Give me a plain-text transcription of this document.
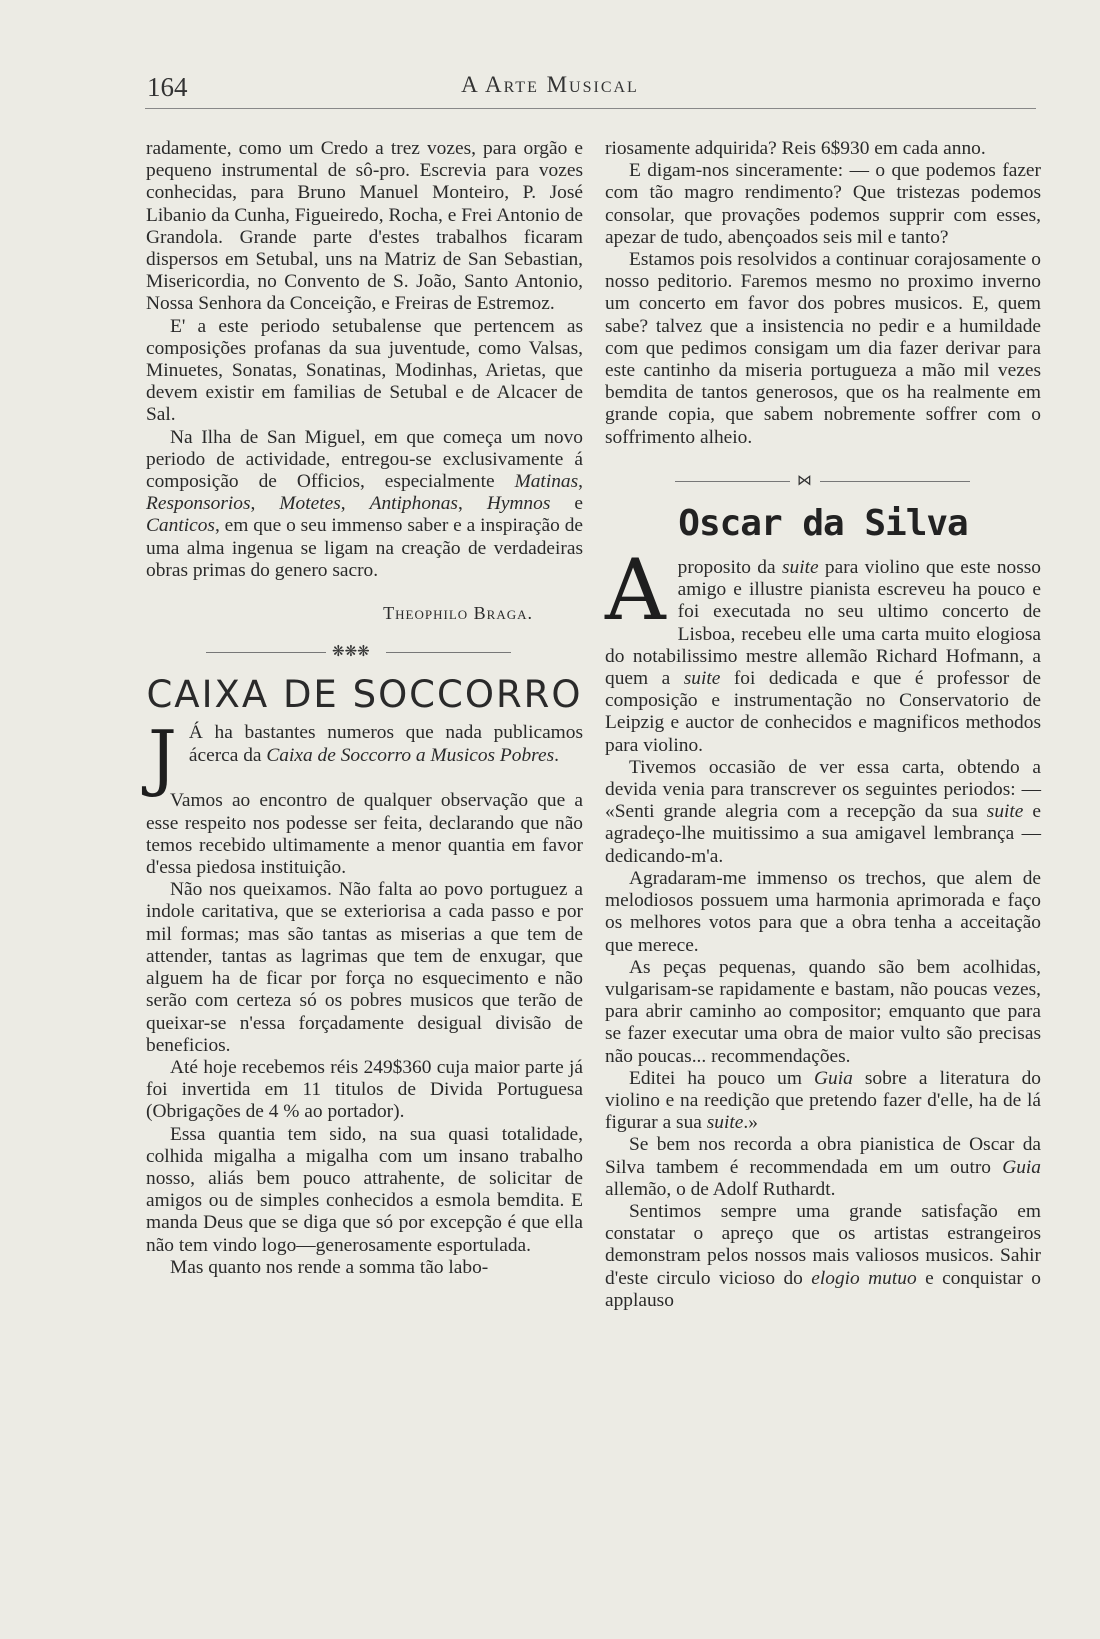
164	A Arte Musical

radamente, como um Credo a trez vozes, para orgão e pequeno instrumental de sô-pro. Escrevia para vozes conhecidas, para Bruno Manuel Monteiro, P. José Libanio da Cunha, Figueiredo, Rocha, e Frei Antonio de Grandola. Grande parte d'estes trabalhos ficaram dispersos em Setubal, uns na Matriz de San Sebastian, Misericordia, no Convento de S. João, Santo Antonio, Nossa Senhora da Conceição, e Freiras de Estremoz.

E' a este periodo setubalense que pertencem as composições profanas da sua juventude, como Valsas, Minuetes, Sonatas, Sonatinas, Modinhas, Arietas, que devem existir em familias de Setubal e de Alcacer de Sal.

Na Ilha de San Miguel, em que começa um novo periodo de actividade, entregou-se exclusivamente á composição de Officios, especialmente Matinas, Responsorios, Motetes, Antiphonas, Hymnos e Canticos, em que o seu immenso saber e a inspiração de uma alma ingenua se ligam na creação de verdadeiras obras primas do genero sacro.

Theophilo Braga.
❋❋❋
CAIXA DE SOCCORRO

J Á ha bastantes numeros que nada publicamos ácerca da Caixa de Soccorro a Musicos Pobres.

Vamos ao encontro de qualquer observação que a esse respeito nos podesse ser feita, declarando que não temos recebido ultimamente a menor quantia em favor d'essa piedosa instituição.

Não nos queixamos. Não falta ao povo portuguez a indole caritativa, que se exteriorisa a cada passo e por mil formas; mas são tantas as miserias a que tem de attender, tantas as lagrimas que tem de enxugar, que alguem ha de ficar por força no esquecimento e não serão com certeza só os pobres musicos que terão de queixar-se n'essa forçadamente desigual divisão de beneficios.

Até hoje recebemos réis 249$360 cuja maior parte já foi invertida em 11 titulos de Divida Portuguesa (Obrigações de 4 % ao portador).

Essa quantia tem sido, na sua quasi totalidade, colhida migalha a migalha com um insano trabalho nosso, aliás bem pouco attrahente, de solicitar de amigos ou de simples conhecidos a esmola bemdita. E manda Deus que se diga que só por excepção é que ella não tem vindo logo—generosamente esportulada.

Mas quanto nos rende a somma tão labo-

riosamente adquirida? Reis 6$930 em cada anno.

E digam-nos sinceramente: — o que podemos fazer com tão magro rendimento? Que tristezas podemos consolar, que provações podemos supprir com esses, apezar de tudo, abençoados seis mil e tanto?

Estamos pois resolvidos a continuar corajosamente o nosso peditorio. Faremos mesmo no proximo inverno um concerto em favor dos pobres musicos. E, quem sabe? talvez que a insistencia no pedir e a humildade com que pedimos consigam um dia fazer derivar para este cantinho da miseria portugueza a mão mil vezes bemdita de tantos generosos, que os ha realmente em grande copia, que sabem nobremente soffrer com o soffrimento alheio.

⋈
Oscar da Silva

Aproposito da suite para violino que este nosso amigo e illustre pianista escreveu ha pouco e foi executada no seu ultimo concerto de Lisboa, recebeu elle uma carta muito elogiosa do notabilissimo mestre allemão Richard Hofmann, a quem a suite foi dedicada e que é professor de composição e instrumentação no Conservatorio de Leipzig e auctor de conhecidos e magnificos methodos para violino.

Tivemos occasião de ver essa carta, obtendo a devida venia para transcrever os seguintes periodos: — «Senti grande alegria com a recepção da sua suite e agradeço-lhe muitissimo a sua amigavel lembrança — dedicando-m'a.

Agradaram-me immenso os trechos, que alem de melodiosos possuem uma harmonia aprimorada e faço os melhores votos para que a obra tenha a acceitação que merece.

As peças pequenas, quando são bem acolhidas, vulgarisam-se rapidamente e bastam, não poucas vezes, para abrir caminho ao compositor; emquanto que para se fazer executar uma obra de maior vulto são precisas não poucas... recommendações.

Editei ha pouco um Guia sobre a literatura do violino e na reedição que pretendo fazer d'elle, ha de lá figurar a sua suite.»

Se bem nos recorda a obra pianistica de Oscar da Silva tambem é recommendada em um outro Guia allemão, o de Adolf Ruthardt.

Sentimos sempre uma grande satisfação em constatar o apreço que os artistas estrangeiros demonstram pelos nossos mais valiosos musicos. Sahir d'este circulo vicioso do elogio mutuo e conquistar o applauso
